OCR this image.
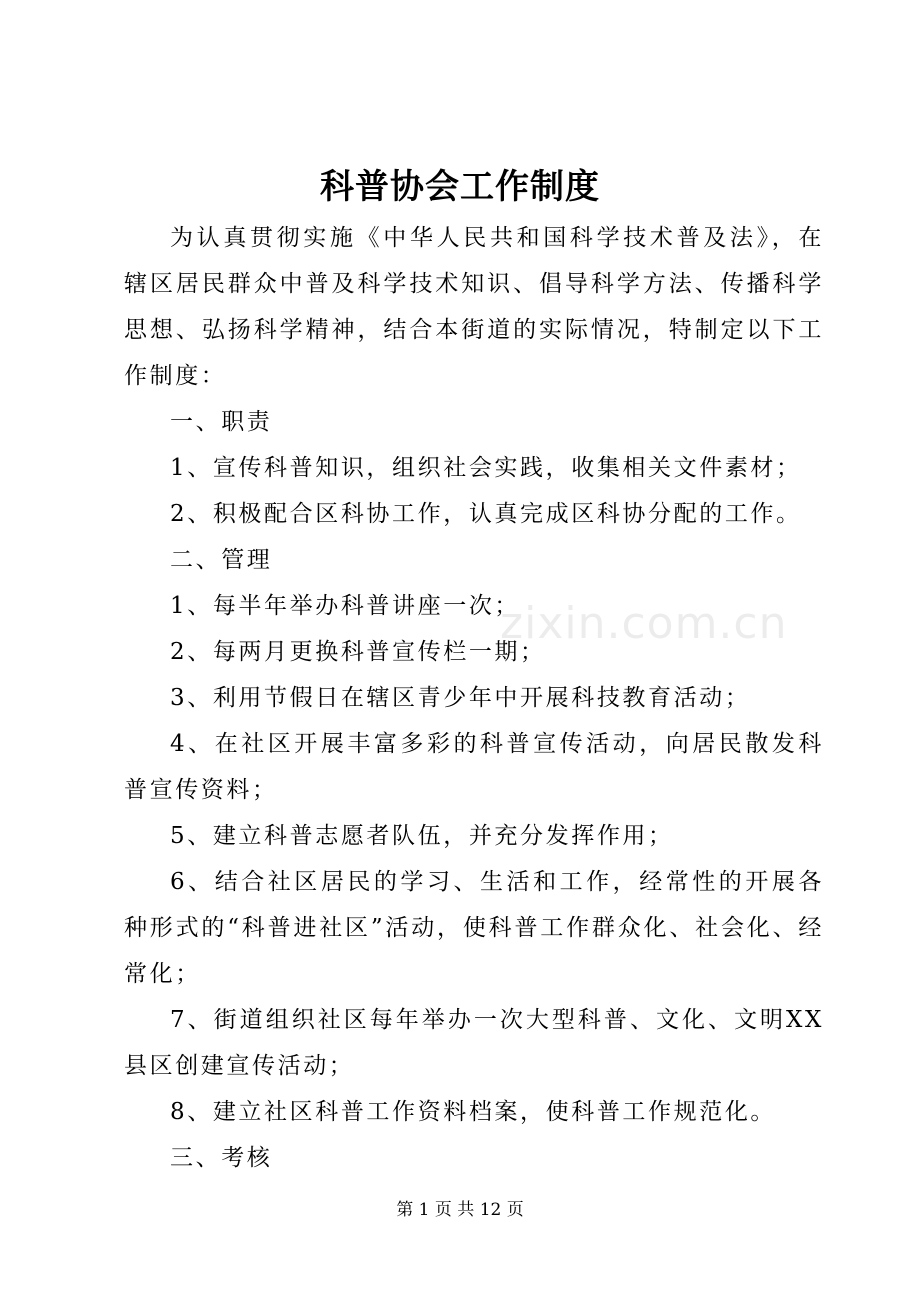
科普协会工作制度

为认真贯彻实施《中华人民共和国科学技术普及法》，在辖区居民群众中普及科学技术知识、倡导科学方法、传播科学思想、弘扬科学精神，结合本街道的实际情况，特制定以下工作制度：

一、职责

1、宣传科普知识，组织社会实践，收集相关文件素材；

2、积极配合区科协工作，认真完成区科协分配的工作。

二、管理

1、每半年举办科普讲座一次；

2、每两月更换科普宣传栏一期；

3、利用节假日在辖区青少年中开展科技教育活动；

4、在社区开展丰富多彩的科普宣传活动，向居民散发科普宣传资料；

5、建立科普志愿者队伍，并充分发挥作用；

6、结合社区居民的学习、生活和工作，经常性的开展各种形式的“科普进社区”活动，使科普工作群众化、社会化、经常化；

7、街道组织社区每年举办一次大型科普、文化、文明XX县区创建宣传活动；

8、建立社区科普工作资料档案，使科普工作规范化。

三、考核

zixin.com.cn
第 1 页 共 12 页
